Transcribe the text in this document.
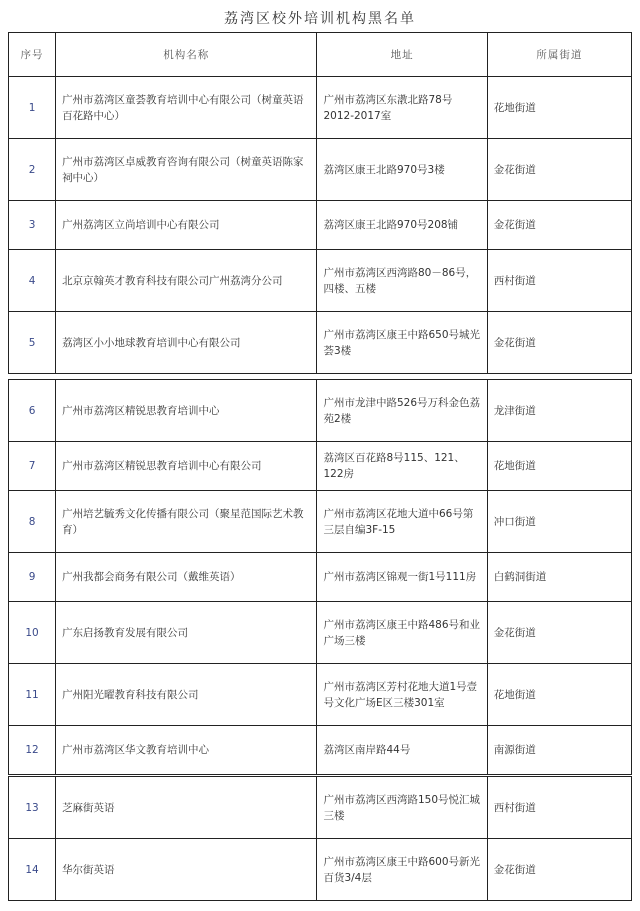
荔湾区校外培训机构黑名单
序号	机构名称	地址	所属街道
1	广州市荔湾区童荟教育培训中心有限公司（树童英语百花路中心）	广州市荔湾区东漖北路78号2012-2017室	花地街道
2	广州市荔湾区卓威教育咨询有限公司（树童英语陈家祠中心）	荔湾区康王北路970号3楼	金花街道
3	广州荔湾区立尚培训中心有限公司	荔湾区康王北路970号208铺	金花街道
4	北京京翰英才教育科技有限公司广州荔湾分公司	广州市荔湾区西湾路80－86号，四楼、五楼	西村街道
5	荔湾区小小地球教育培训中心有限公司	广州市荔湾区康王中路650号城光荟3楼	金花街道
6	广州市荔湾区精锐思教育培训中心	广州市龙津中路526号万科金色荔苑2楼	龙津街道
7	广州市荔湾区精锐思教育培训中心有限公司	荔湾区百花路8号115、121、122房	花地街道
8	广州培艺毓秀文化传播有限公司（聚星范国际艺术教育）	广州市荔湾区花地大道中66号第三层自编3F-15	冲口街道
9	广州我都会商务有限公司（戴维英语）	广州市荔湾区锦观一街1号111房	白鹤洞街道
10	广东启扬教育发展有限公司	广州市荔湾区康王中路486号和业广场三楼	金花街道
11	广州阳光曜教育科技有限公司	广州市荔湾区芳村花地大道1号壹号文化广场E区三楼301室	花地街道
12	广州市荔湾区华文教育培训中心	荔湾区南岸路44号	南源街道
13	芝麻街英语	广州市荔湾区西湾路150号悦汇城三楼	西村街道
14	华尔街英语	广州市荔湾区康王中路600号新光百货3/4层	金花街道
